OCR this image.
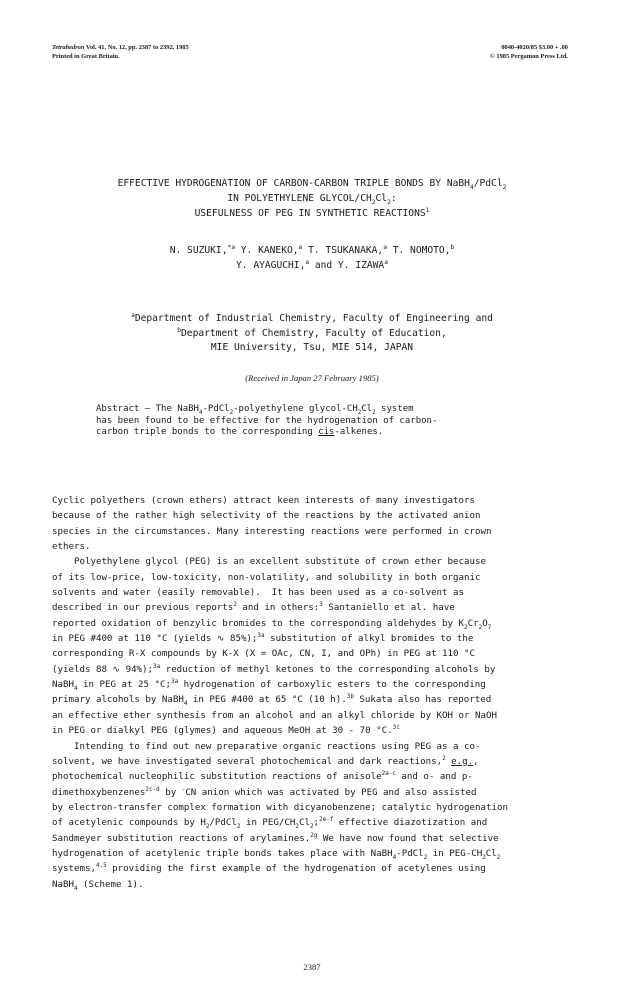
Tetrahedron Vol. 41, No. 12, pp. 2387 to 2392, 1985
Printed in Great Britain.
0040-4020/85 $3.00 + .00
© 1985 Pergamon Press Ltd.
EFFECTIVE HYDROGENATION OF CARBON-CARBON TRIPLE BONDS BY NaBH$_4$/PdCl$_2$
IN POLYETHYLENE GLYCOL/$CH_2Cl_2$:
USEFULNESS OF PEG IN SYNTHETIC REACTIONS$^1$
N. SUZUKI,$^{*a}$ Y. KANEKO,$^a$ T. TSUKANAKA,$^a$ T. NOMOTO,$^b$
Y. AYAGUCHI,$^a$ and Y. IZAWA$^a$
$^a$Department of Industrial Chemistry, Faculty of Engineering and
$^b$Department of Chemistry, Faculty of Education,
MIE University, Tsu, MIE 514, JAPAN
(Received in Japan 27 February 1985)
Abstract — The NaBH$_4$-PdCl$_2$-polyethylene glycol-$CH_2Cl_2$ system
has been found to be effective for the hydrogenation of carbon-
carbon triple bonds to the corresponding cis-alkenes.
Cyclic polyethers (crown ethers) attract keen interests of many investigators
because of the rather high selectivity of the reactions by the activated anion
species in the circumstances. Many interesting reactions were performed in crown
ethers.
Polyethylene glycol (PEG) is an excellent substitute of crown ether because
of its low-price, low-toxicity, non-volatility, and solubility in both organic
solvents and water (easily removable).  It has been used as a co-solvent as
described in our previous reports$^2$ and in others:$^3$ Santaniello et al. have
reported oxidation of benzylic bromides to the corresponding aldehydes by $K_2Cr_2O_7$
in PEG #400 at 110 °C (yields ∿ 85%);$^{3a}$ substitution of alkyl bromides to the
corresponding R-X compounds by K-X (X = OAc, CN, I, and OPh) in PEG at 110 °C
(yields 88 ∿ 94%);$^{3a}$ reduction of methyl ketones to the corresponding alcohols by
NaBH$_4$ in PEG at 25 °C;$^{3a}$ hydrogenation of carboxylic esters to the corresponding
primary alcohols by NaBH$_4$ in PEG #400 at 65 °C (10 h).$^{3b}$ Sukata also has reported
an effective ether synthesis from an alcohol and an alkyl chloride by KOH or NaOH
in PEG or dialkyl PEG (glymes) and aqueous MeOH at 30 - 70 °C.$^{3c}$
Intending to find out new preparative organic reactions using PEG as a co-
solvent, we have investigated several photochemical and dark reactions,$^2$ e.g.,
photochemical nucleophilic substitution reactions of anisole$^{2a-c}$ and o- and p-
dimethoxybenzenes$^{2c-d}$ by -CN anion which was activated by PEG and also assisted
by electron-transfer complex formation with dicyanobenzene; catalytic hydrogenation
of acetylenic compounds by $H_2/PdCl_2$ in PEG/$CH_2Cl_2;^{2e-f}$ effective diazotization and
Sandmeyer substitution reactions of arylamines.$^{2g}$ We have now found that selective
hydrogenation of acetylenic triple bonds takes place with NaBH$_4$-PdCl$_2$ in PEG-$CH_2Cl_2$
systems,$^{4,5}$ providing the first example of the hydrogenation of acetylenes using
NaBH$_4$ (Scheme 1).
2387
